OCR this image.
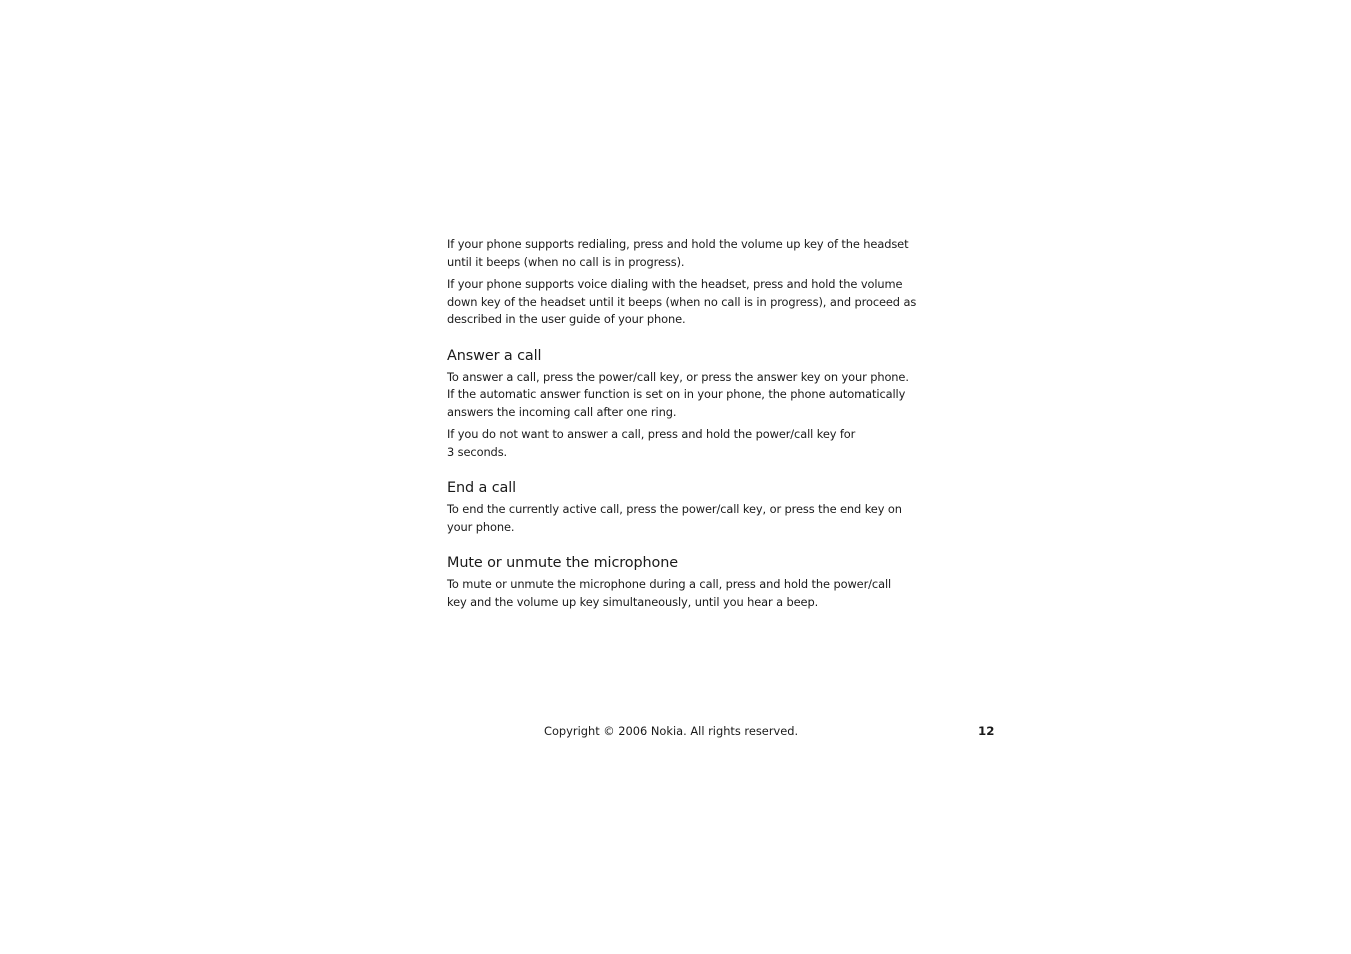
If your phone supports redialing, press and hold the volume up key of the headset
until it beeps (when no call is in progress).

If your phone supports voice dialing with the headset, press and hold the volume
down key of the headset until it beeps (when no call is in progress), and proceed as
described in the user guide of your phone.

Answer a call

To answer a call, press the power/call key, or press the answer key on your phone.
If the automatic answer function is set on in your phone, the phone automatically
answers the incoming call after one ring.

If you do not want to answer a call, press and hold the power/call key for
3 seconds.

End a call

To end the currently active call, press the power/call key, or press the end key on
your phone.

Mute or unmute the microphone

To mute or unmute the microphone during a call, press and hold the power/call
key and the volume up key simultaneously, until you hear a beep.

Copyright © 2006 Nokia. All rights reserved.	12
